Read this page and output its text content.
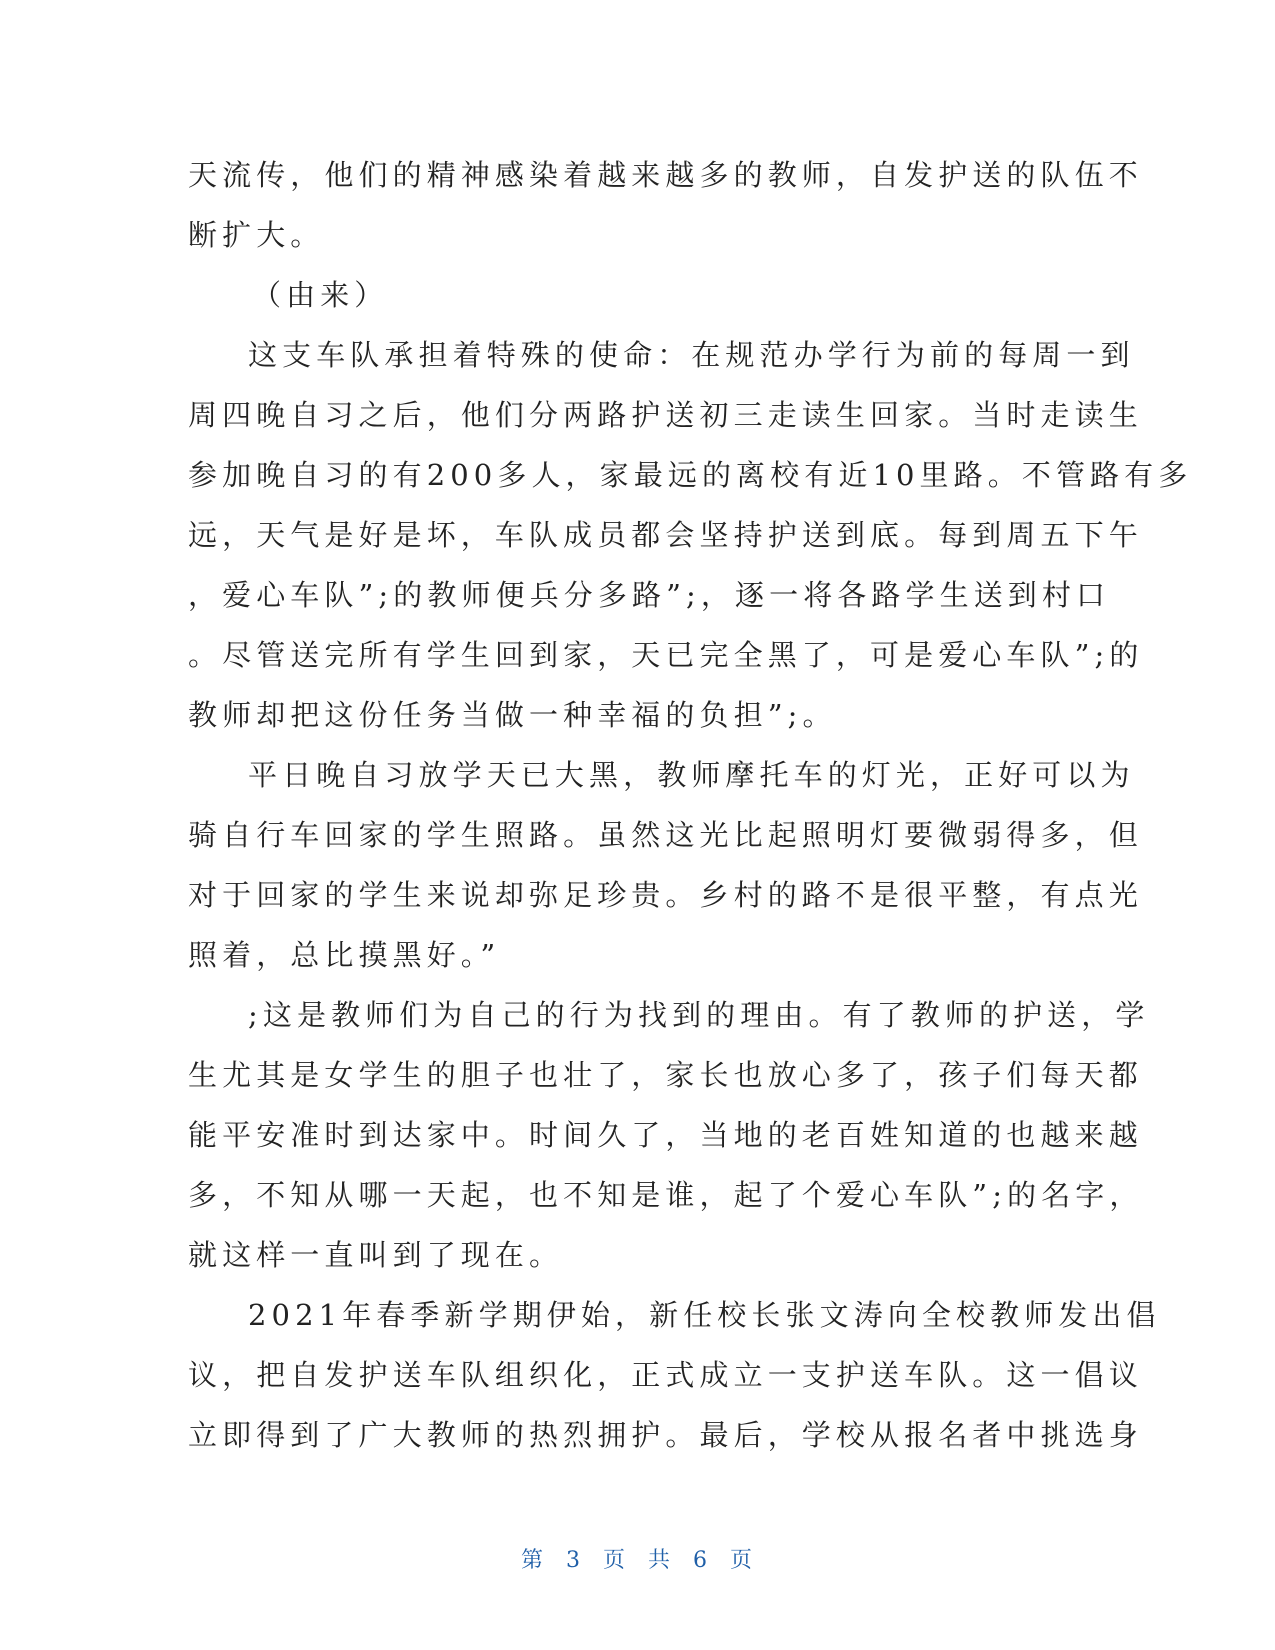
天流传，他们的精神感染着越来越多的教师，自发护送的队伍不
断扩大。
（由来）
这支车队承担着特殊的使命：在规范办学行为前的每周一到
周四晚自习之后，他们分两路护送初三走读生回家。当时走读生
参加晚自习的有200多人，家最远的离校有近10里路。不管路有多
远，天气是好是坏，车队成员都会坚持护送到底。每到周五下午
，爱心车队”;的教师便兵分多路”;，逐一将各路学生送到村口
。尽管送完所有学生回到家，天已完全黑了，可是爱心车队”;的
教师却把这份任务当做一种幸福的负担”;。
平日晚自习放学天已大黑，教师摩托车的灯光，正好可以为
骑自行车回家的学生照路。虽然这光比起照明灯要微弱得多，但
对于回家的学生来说却弥足珍贵。乡村的路不是很平整，有点光
照着，总比摸黑好。”
;这是教师们为自己的行为找到的理由。有了教师的护送，学
生尤其是女学生的胆子也壮了，家长也放心多了，孩子们每天都
能平安准时到达家中。时间久了，当地的老百姓知道的也越来越
多，不知从哪一天起，也不知是谁，起了个爱心车队”;的名字，
就这样一直叫到了现在。
2021年春季新学期伊始，新任校长张文涛向全校教师发出倡
议，把自发护送车队组织化，正式成立一支护送车队。这一倡议
立即得到了广大教师的热烈拥护。最后，学校从报名者中挑选身
第 3 页 共 6 页
